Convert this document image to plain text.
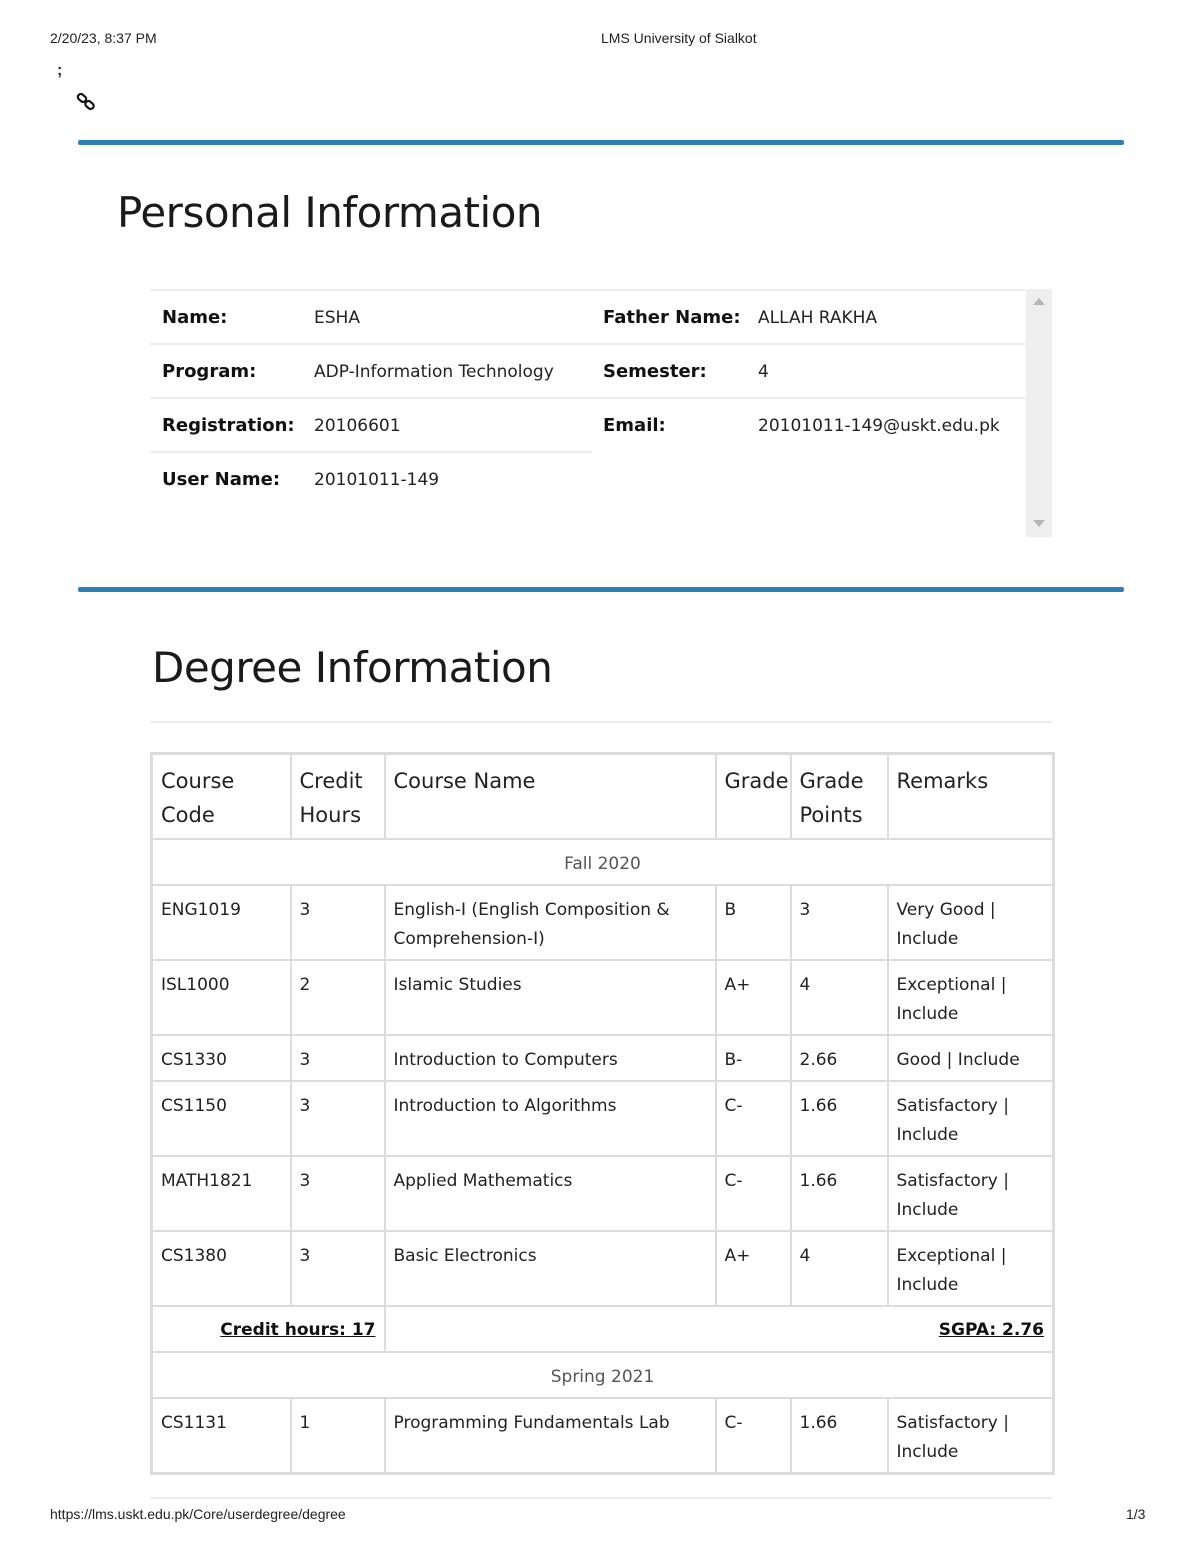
2/20/23, 8:37 PM	LMS University of Sialkot
;
Personal Information
Name:	ESHA	Father Name: ALLAH RAKHA
Program:	ADP-Information Technology	Semester:	4
Registration: 20106601	Email:	20101011-149@uskt.edu.pk
User Name: 20101011-149
Degree Information
Course Code	Credit Hours	Course Name	Grade	Grade Points	Remarks
Fall 2020					
ENG1019	3	English-I (English Composition & Comprehension-I)	B	3	Very Good | Include
ISL1000	2	Islamic Studies	A+	4	Exceptional | Include
CS1330	3	Introduction to Computers	B-	2.66	Good | Include
CS1150	3	Introduction to Algorithms	C-	1.66	Satisfactory | Include
MATH1821	3	Applied Mathematics	C-	1.66	Satisfactory | Include
CS1380	3	Basic Electronics	A+	4	Exceptional | Include
Credit hours: 17		SGPA: 2.76			
Spring 2021					
CS1131	1	Programming Fundamentals Lab	C-	1.66	Satisfactory | Include
https://lms.uskt.edu.pk/Core/userdegree/degree	1/3
